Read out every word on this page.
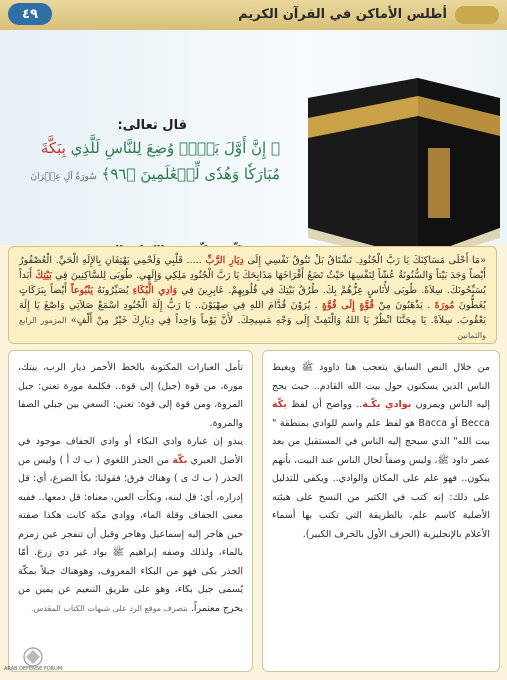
٤٩	أطلس الأماكن في القرآن الكريم
قال تعالى:
﴿ إِنَّ أَوَّلَ بَيۡتٖ وُضِعَ لِلنَّاسِ لَلَّذِي بِبَكَّةَ مُبَارَكٗا وَهُدٗى لِّلۡعَٰلَمِينَ ﴿٩٦﴾ سُورَةُ آلِ عِمۡرَانَ
«مَا أَحْلَى مَسَاكِنَكَ يَا رَبَّ الْجُنُودِ. تَشْتَاقُ بَلْ تَتُوقُ نَفْسِي إِلَى دِيَارِ الرَّبِّ ..... قَلْبِي وَلَحْمِي يَهْتِفَانِ بِالإِلَهِ الْحَيِّ. الْعُصْفُورُ أَيْضاً وَجَدَ بَيْتاً وَالسُّنُونَةُ عُشّاً لِنَفْسِهَا حَيْثُ تَضَعُ أَفْرَاخَهَا مَذَابِحَكَ يَا رَبَّ الْجُنُودِ مَلِكِي وَإِلَهِي. طُوبَى لِلسَّاكِنِينَ فِي بَيْتِكَ أَبَداً يُسَبِّحُونَكَ. سِلاَهْ. طُوبَى لأُنَاسٍ عِزُّهُمْ بِكَ. طُرُقُ بَيْتِكَ فِي قُلُوبِهِمْ. عَابِرِينَ فِي وَادِي الْبُكَاءِ يُصَيِّرُونَهُ يَنْبُوعاً أَيْضاً بِبَرَكَاتٍ يُغَطُّونَ مُورَةَ . يَذْهَبُونَ مِنْ قُوَّةٍ إِلَى قُوَّةٍ . يُرَوْنَ قُدَّامَ اللهِ فِي صِهْيَوْنَ.. يَا رَبُّ إِلَهَ الْجُنُودِ اسْمَعْ صَلاَتِي وَاصْغَ يَا إِلَهَ يَعْقُوبَ. سِلاَهْ. يَا مِجَنَّنَا انْظُرْ يَا اللهُ وَالْتَفِتْ إِلَى وَجْهِ مَسِيحِكَ. لأَنَّ يَوْماً وَاحِداً فِي دِيَارِكَ خَيْرٌ مِنْ أَلْفٍ» المزمور الرابع والثمانين
من خلال النص السابق يتعجب هنا داوود ﷺ ويغبط الناس الذين يسكنون حول بيت الله القادم.. حيث يحج إليه الناس ويمرون بوادي بكّـة.. وواضح أن لفظ بكّة Becca أو Bacca هو لفظ علم واسم للوادي بمنطقة " بيت الله" الذي سيحج إليه الناس في المستقبل من بعد عصر داود ﷺ، وليس وصفاً لحال الناس عند البيت، بأنهم يبكون.. فهو علم على المكان والوادي.. ويكفي للتدليل على ذلك: إنه كتب في الكثير من النسخ على هيئته الأصلية كاسم علم، بالطريقة التي تكتب بها أسماء الأعلام بالإنجليزية (الحرف الأول بالحرف الكبير).
تأمل العبارات المكتوبة بالخط الأحمر ديار الرب، بيتك، مورة، من قوة (جبل) إلى قوة.. فكلمة مورة تعني: جبل المروة، ومن قوة إلى قوة: تعني: السعي بين جبلي الصفا والمروة.
يبدو إن عبارة وادي البكاء أو وادي الجفاف موجود في الأصل العبري بكّة من الجذر اللغوي ( ب ك أ ) وليس من الجذر ( ب ك ى ) وهناك فرق؛ فقولنا: بكأ الضرع، أي: قل إدراره، أي: قل لبنه، وبكأت العين، معناه: قل دمعها.. ففيه معنى الجفاف وقلة الماء، ووادي مكة كانت هكذا صفته حين هاجر إليه إسماعيل وهاجر وقبل أن تنفجر عين زمزم بالماء، ولذلك وصفه إبراهيم ﷺ بواد غير ذي زرع. أمّا الجذر بكى فهو من البكاء المعروف، وهوهناك جبلاً بمكّة يُسمى جبل بكاء، وهو على طريق التنعيم عن يمين من يخرج معتمراً. بتصرف موقع الرد على شبهات الكتاب المقدس.
ARAB DEFENSE FORUM
